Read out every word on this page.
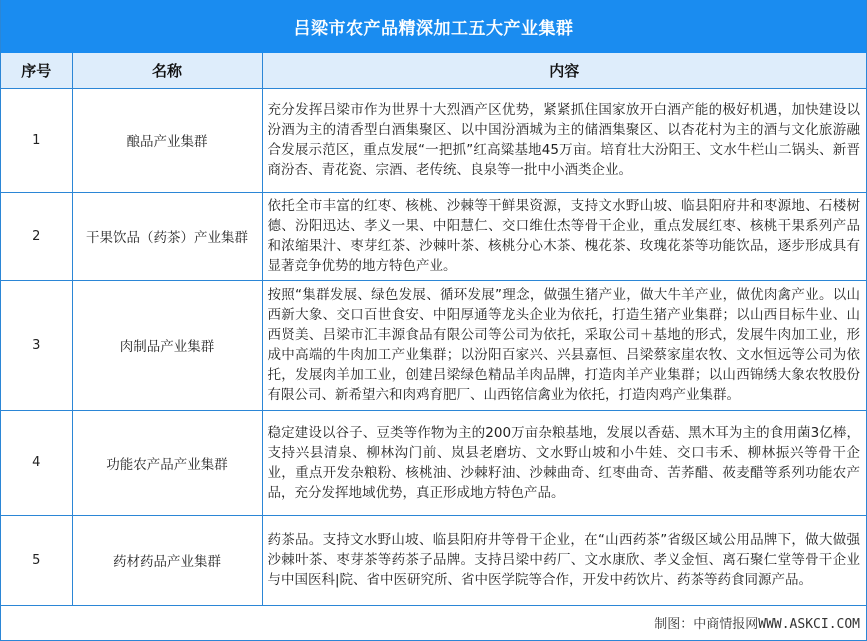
吕梁市农产品精深加工五大产业集群
序号	名称	内容
1	酿品产业集群	充分发挥吕梁市作为世界十大烈酒产区优势，紧紧抓住国家放开白酒产能的极好机遇，加快建设以汾酒为主的清香型白酒集聚区、以中国汾酒城为主的储酒集聚区、以杏花村为主的酒与文化旅游融合发展示范区，重点发展“一把抓”红高粱基地45万亩。培育壮大汾阳王、文水牛栏山二锅头、新晋商汾杏、青花瓷、宗酒、老传统、良泉等一批中小酒类企业。
2	干果饮品（药茶）产业集群	依托全市丰富的红枣、核桃、沙棘等干鲜果资源，支持文水野山坡、临县阳府井和枣源地、石楼树德、汾阳迅达、孝义一果、中阳慧仁、交口维仕杰等骨干企业，重点发展红枣、核桃干果系列产品和浓缩果汁、枣芽红茶、沙棘叶茶、核桃分心木茶、槐花茶、玫瑰花茶等功能饮品，逐步形成具有显著竞争优势的地方特色产业。
3	肉制品产业集群	按照“集群发展、绿色发展、循环发展”理念，做强生猪产业，做大牛羊产业，做优肉禽产业。以山西新大象、交口百世食安、中阳厚通等龙头企业为依托，打造生猪产业集群；以山西目标牛业、山西贤美、吕梁市汇丰源食品有限公司等公司为依托，采取公司＋基地的形式，发展牛肉加工业，形成中高端的牛肉加工产业集群；以汾阳百家兴、兴县嘉恒、吕梁蔡家崖农牧、文水恒远等公司为依托，发展肉羊加工业，创建吕梁绿色精品羊肉品牌，打造肉羊产业集群；以山西锦绣大象农牧股份有限公司、新希望六和肉鸡育肥厂、山西铭信禽业为依托，打造肉鸡产业集群。
4	功能农产品产业集群	稳定建设以谷子、豆类等作物为主的200万亩杂粮基地，发展以香菇、黑木耳为主的食用菌3亿棒，支持兴县清泉、柳林沟门前、岚县老磨坊、文水野山坡和小牛娃、交口韦禾、柳林振兴等骨干企业，重点开发杂粮粉、核桃油、沙棘籽油、沙棘曲奇、红枣曲奇、苦荞醋、莜麦醋等系列功能农产品，充分发挥地域优势，真正形成地方特色产品。
5	药材药品产业集群	药茶品。支持文水野山坡、临县阳府井等骨干企业，在“山西药茶”省级区域公用品牌下，做大做强沙棘叶茶、枣芽茶等药茶子品牌。支持吕梁中药厂、文水康欣、孝义金恒、离石聚仁堂等骨干企业与中国医科|院、省中医研究所、省中医学院等合作，开发中药饮片、药茶等药食同源产品。
制图：中商情报网WWW.ASKCI.COM
